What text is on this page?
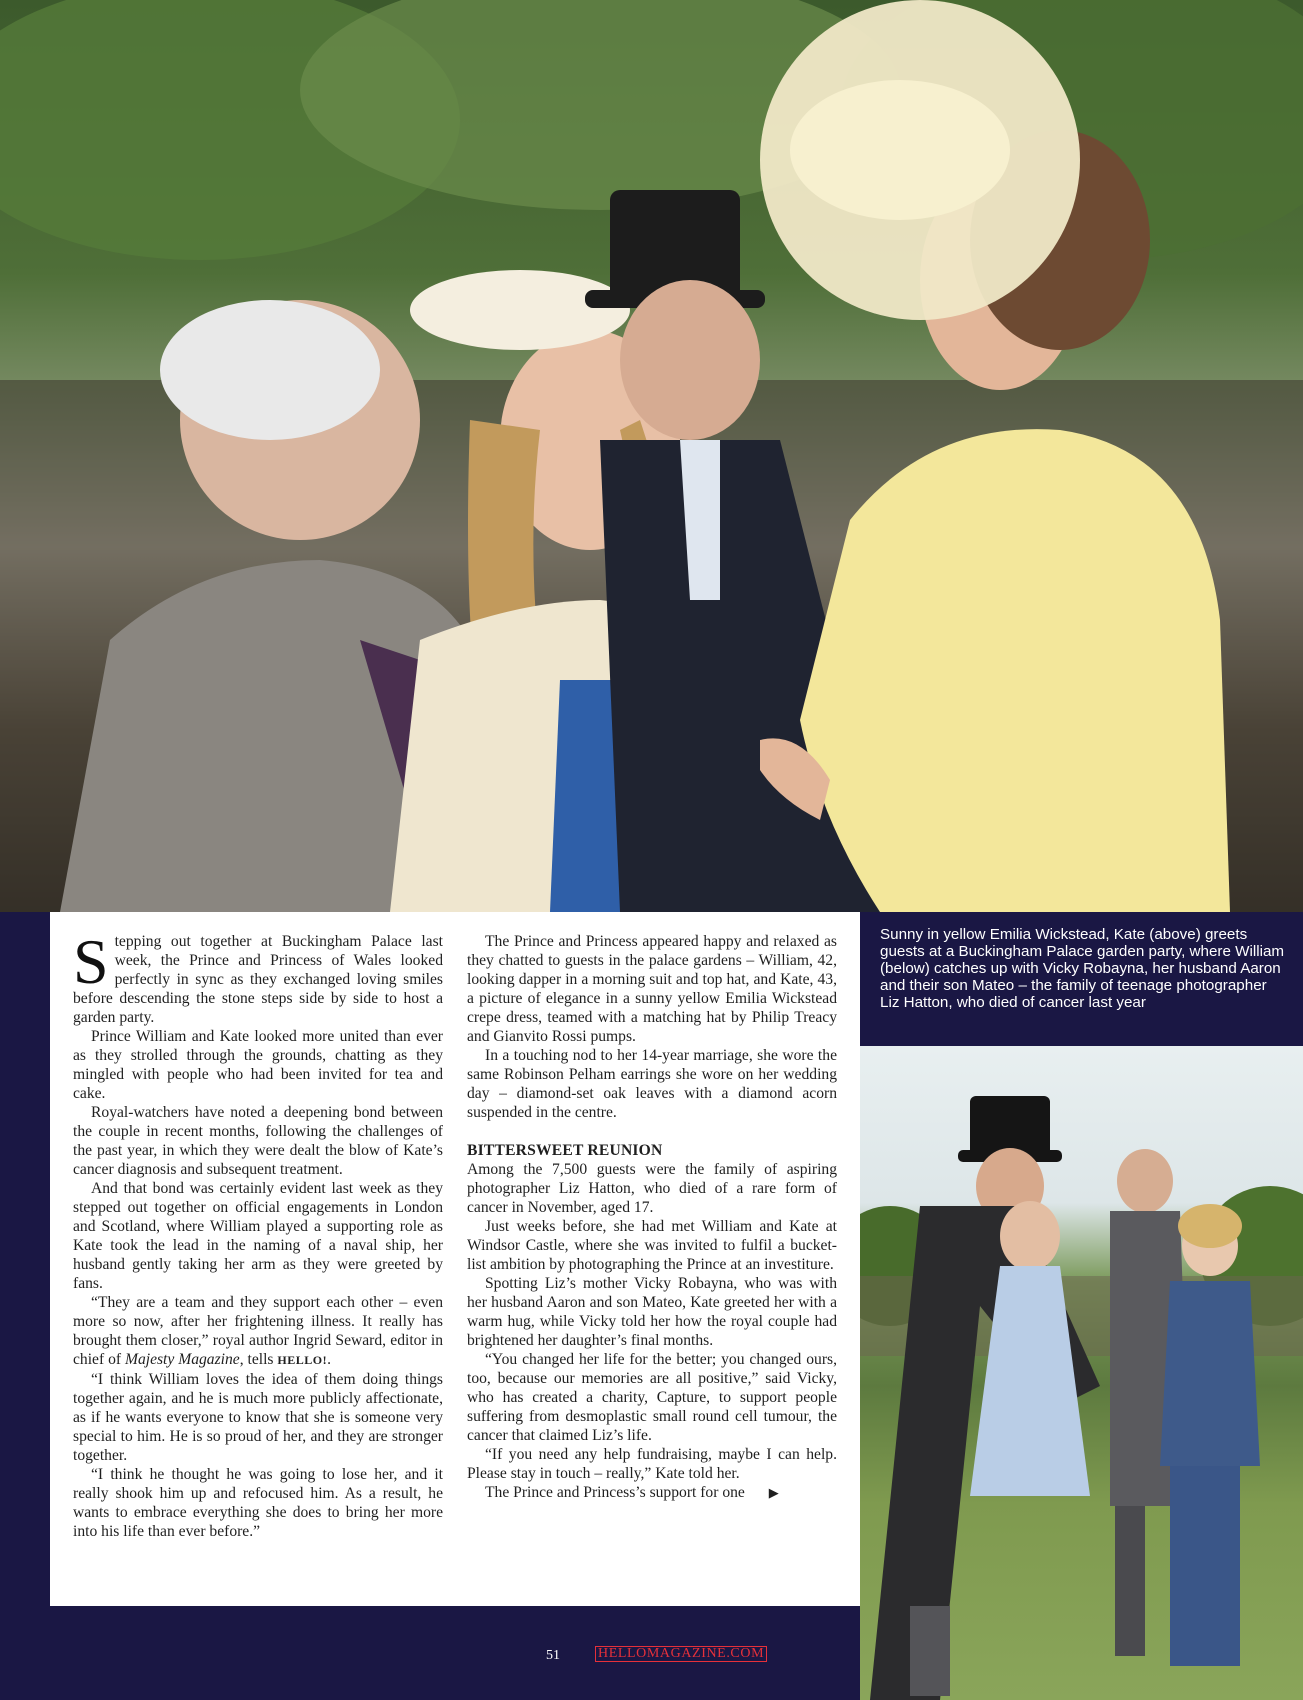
Stepping out together at Buckingham Palace last week, the Prince and Princess of Wales looked perfectly in sync as they exchanged loving smiles before descending the stone steps side by side to host a garden party.

Prince William and Kate looked more united than ever as they strolled through the grounds, chatting as they mingled with people who had been invited for tea and cake.

Royal-watchers have noted a deepening bond between the couple in recent months, following the challenges of the past year, in which they were dealt the blow of Kate’s cancer diagnosis and subsequent treatment.

And that bond was certainly evident last week as they stepped out together on official engagements in London and Scotland, where William played a supporting role as Kate took the lead in the naming of a naval ship, her husband gently taking her arm as they were greeted by fans.

“They are a team and they support each other – even more so now, after her frightening illness. It really has brought them closer,” royal author Ingrid Seward, editor in chief of Majesty Magazine, tells HELLO!.

“I think William loves the idea of them doing things together again, and he is much more publicly affectionate, as if he wants everyone to know that she is someone very special to him. He is so proud of her, and they are stronger together.

“I think he thought he was going to lose her, and it really shook him up and refocused him. As a result, he wants to embrace everything she does to bring her more into his life than ever before.”

The Prince and Princess appeared happy and relaxed as they chatted to guests in the palace gardens – William, 42, looking dapper in a morning suit and top hat, and Kate, 43, a picture of elegance in a sunny yellow Emilia Wickstead crepe dress, teamed with a matching hat by Philip Treacy and Gianvito Rossi pumps.

In a touching nod to her 14-year marriage, she wore the same Robinson Pelham earrings she wore on her wedding day – diamond-set oak leaves with a diamond acorn suspended in the centre.

BITTERSWEET REUNION

Among the 7,500 guests were the family of aspiring photographer Liz Hatton, who died of a rare form of cancer in November, aged 17.

Just weeks before, she had met William and Kate at Windsor Castle, where she was invited to fulfil a bucket-list ambition by photographing the Prince at an investiture.

Spotting Liz’s mother Vicky Robayna, who was with her husband Aaron and son Mateo, Kate greeted her with a warm hug, while Vicky told her how the royal couple had brightened her daughter’s final months.

“You changed her life for the better; you changed ours, too, because our memories are all positive,” said Vicky, who has created a charity, Capture, to support people suffering from desmoplastic small round cell tumour, the cancer that claimed Liz’s life.

“If you need any help fundraising, maybe I can help. Please stay in touch – really,” Kate told her.

The Prince and Princess’s support for one ▶

Sunny in yellow Emilia Wickstead, Kate (above) greets guests at a Buckingham Palace garden party, where William (below) catches up with Vicky Robayna, her husband Aaron and their son Mateo – the family of teenage photographer Liz Hatton, who died of cancer last year

51	HELLOMAGAZINE.COM
